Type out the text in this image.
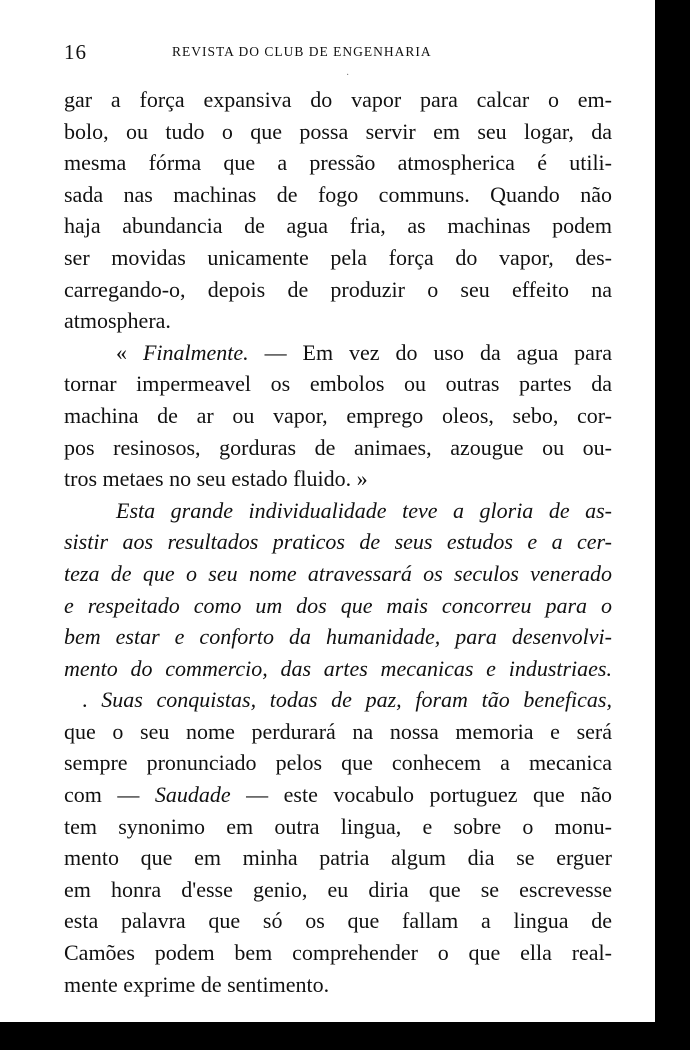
16	REVISTA DO CLUB DE ENGENHARIA
·
gar a força expansiva do vapor para calcar o em-
bolo, ou tudo o que possa servir em seu logar, da
mesma fórma que a pressão atmospherica é utili-
sada nas machinas de fogo communs. Quando não
haja abundancia de agua fria, as machinas podem
ser movidas unicamente pela força do vapor, des-
carregando-o, depois de produzir o seu effeito na
atmosphera.
« Finalmente. — Em vez do uso da agua para
tornar impermeavel os embolos ou outras partes da
machina de ar ou vapor, emprego oleos, sebo, cor-
pos resinosos, gorduras de animaes, azougue ou ou-
tros metaes no seu estado fluido. »
Esta grande individualidade teve a gloria de as-
sistir aos resultados praticos de seus estudos e a cer-
teza de que o seu nome atravessará os seculos venerado
e respeitado como um dos que mais concorreu para o
bem estar e conforto da humanidade, para desenvolvi-
mento do commercio, das artes mecanicas e industriaes.
. Suas conquistas, todas de paz, foram tão beneficas,
que o seu nome perdurará na nossa memoria e será
sempre pronunciado pelos que conhecem a mecanica
com — Saudade — este vocabulo portuguez que não
tem synonimo em outra lingua, e sobre o monu-
mento que em minha patria algum dia se erguer
em honra d'esse genio, eu diria que se escrevesse
esta palavra que só os que fallam a lingua de
Camões podem bem comprehender o que ella real-
mente exprime de sentimento.
